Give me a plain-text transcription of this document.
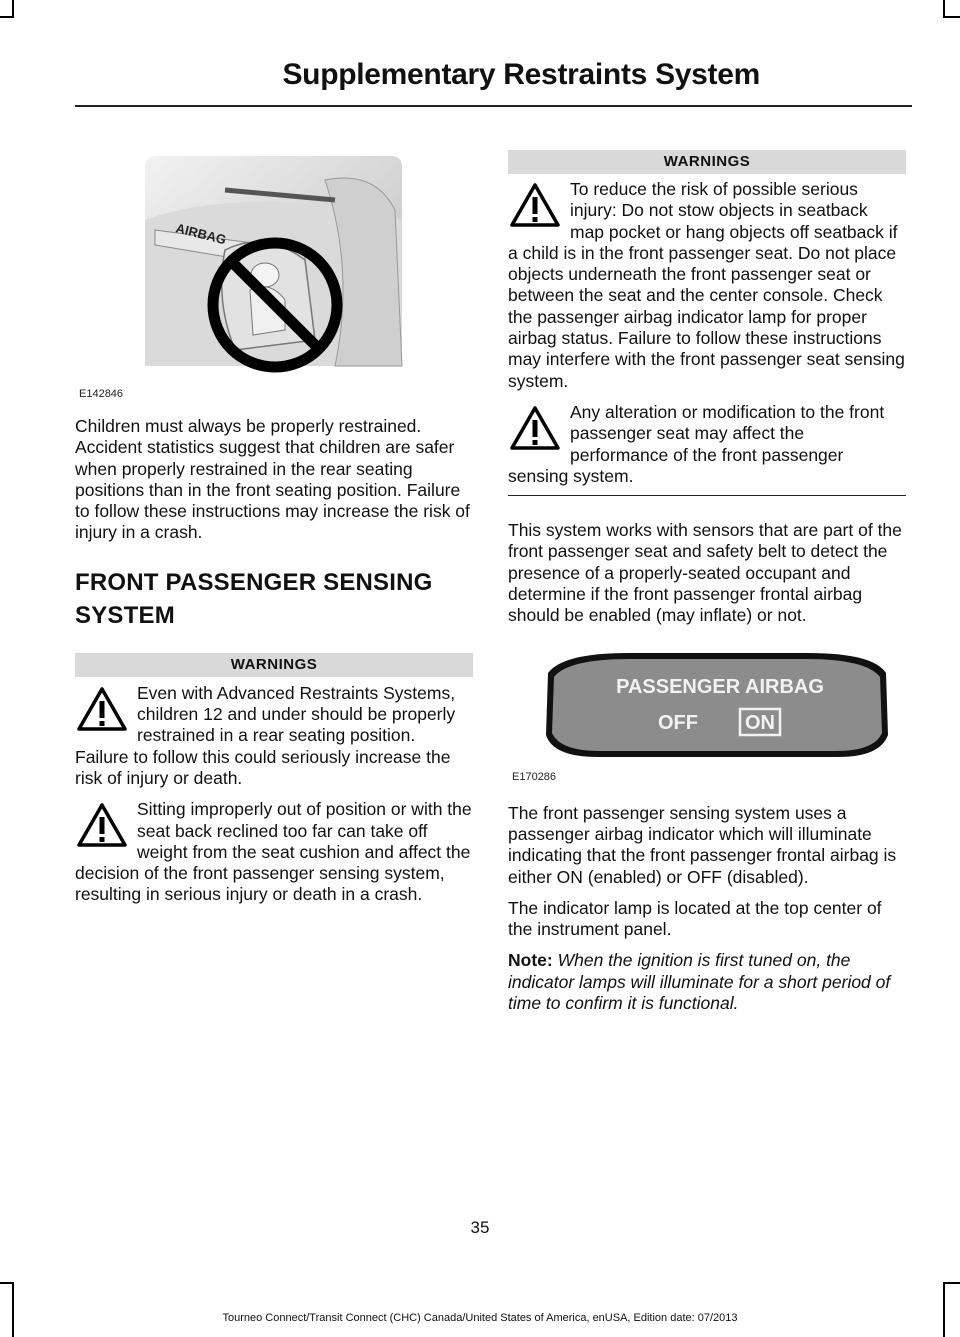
Supplementary Restraints System
AIRBAG
E142846

Children must always be properly restrained. Accident statistics suggest that children are safer when properly restrained in the rear seating positions than in the front seating position. Failure to follow these instructions may increase the risk of injury in a crash.

FRONT PASSENGER SENSING

SYSTEM

WARNINGS
Even with Advanced Restraints Systems, children 12 and under should be properly restrained in a rear seating position. Failure to follow this could seriously increase the risk of injury or death.
Sitting improperly out of position or with the seat back reclined too far can take off weight from the seat cushion and affect the decision of the front passenger sensing system, resulting in serious injury or death in a crash.
WARNINGS
To reduce the risk of possible serious injury: Do not stow objects in seatback map pocket or hang objects off seatback if a child is in the front passenger seat. Do not place objects underneath the front passenger seat or between the seat and the center console. Check the passenger airbag indicator lamp for proper airbag status. Failure to follow these instructions may interfere with the front passenger seat sensing system.
Any alteration or modification to the front passenger seat may affect the performance of the front passenger sensing system.

This system works with sensors that are part of the front passenger seat and safety belt to detect the presence of a properly-seated occupant and determine if the front passenger frontal airbag should be enabled (may inflate) or not.

PASSENGER AIRBAG
OFF ON
E170286

The front passenger sensing system uses a passenger airbag indicator which will illuminate indicating that the front passenger frontal airbag is either ON (enabled) or OFF (disabled).

The indicator lamp is located at the top center of the instrument panel.

Note: When the ignition is first tuned on, the indicator lamps will illuminate for a short period of time to confirm it is functional.

35
Tourneo Connect/Transit Connect (CHC) Canada/United States of America, enUSA, Edition date: 07/2013
